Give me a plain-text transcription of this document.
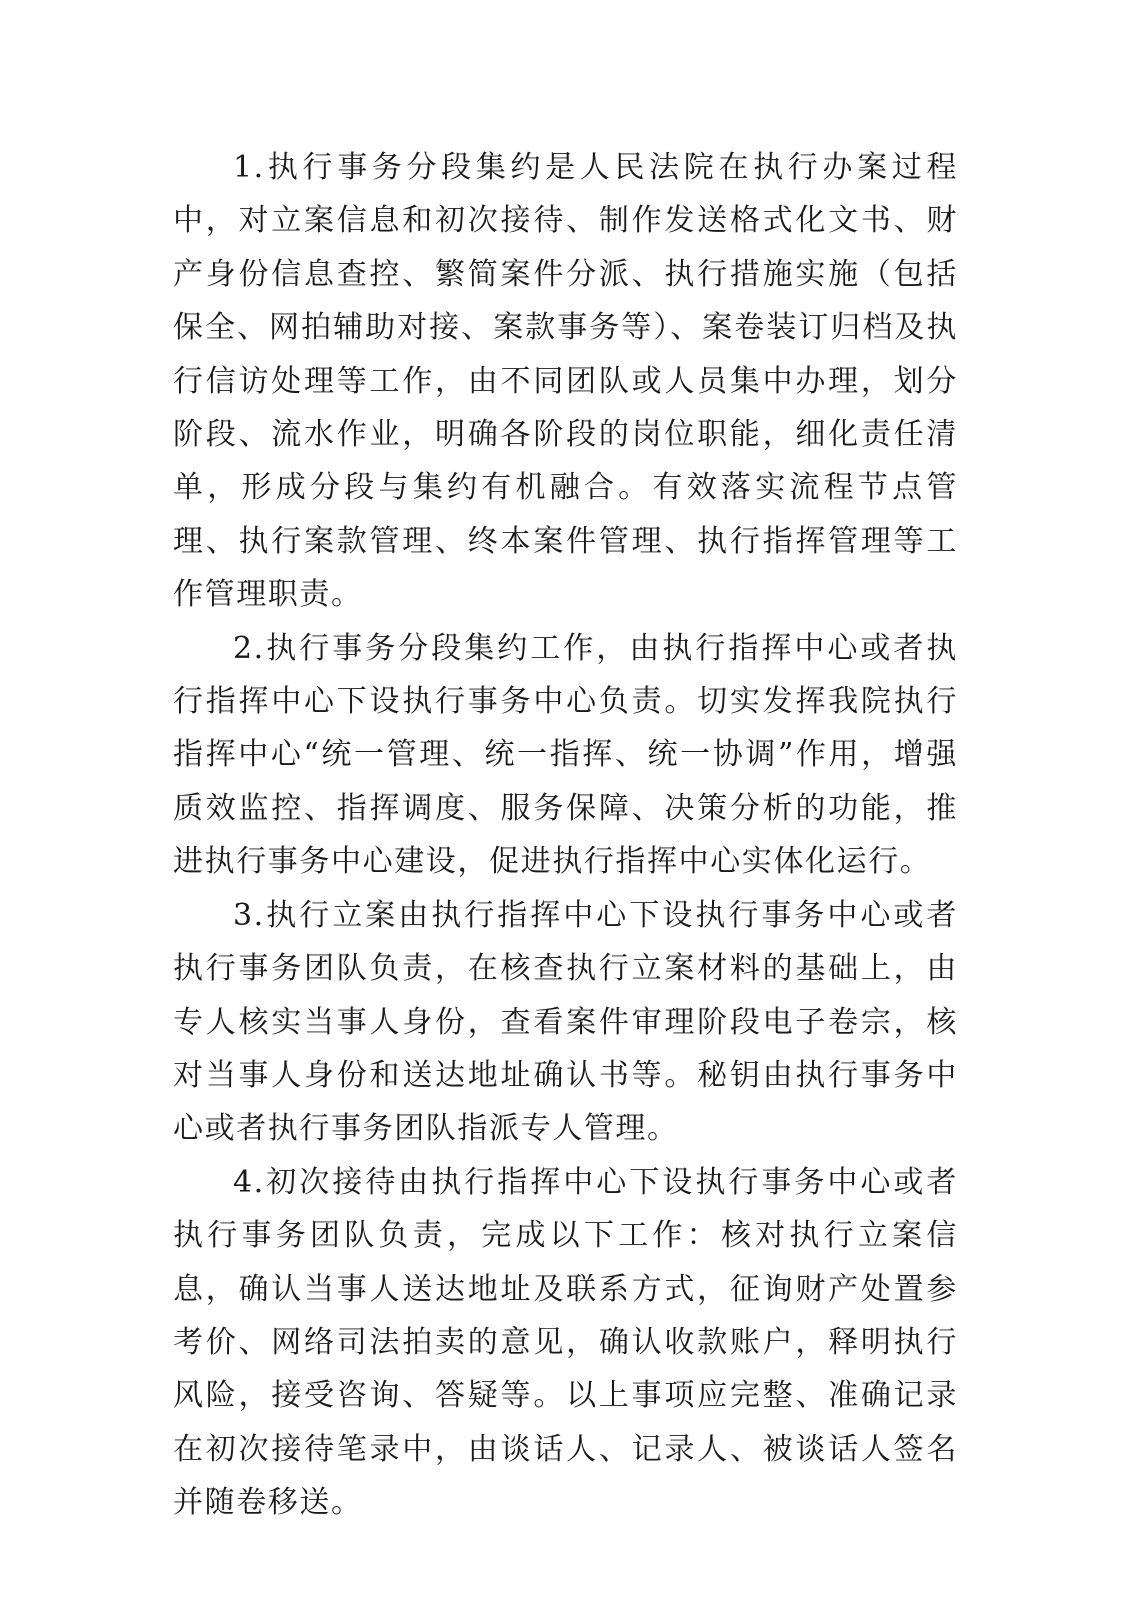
1.执行事务分段集约是人民法院在执行办案过程中，对立案信息和初次接待、制作发送格式化文书、财产身份信息查控、繁简案件分派、执行措施实施（包括保全、网拍辅助对接、案款事务等）、案卷装订归档及执行信访处理等工作，由不同团队或人员集中办理，划分阶段、流水作业，明确各阶段的岗位职能，细化责任清单，形成分段与集约有机融合。有效落实流程节点管理、执行案款管理、终本案件管理、执行指挥管理等工作管理职责。

2.执行事务分段集约工作，由执行指挥中心或者执行指挥中心下设执行事务中心负责。切实发挥我院执行指挥中心“统一管理、统一指挥、统一协调”作用，增强质效监控、指挥调度、服务保障、决策分析的功能，推进执行事务中心建设，促进执行指挥中心实体化运行。

3.执行立案由执行指挥中心下设执行事务中心或者执行事务团队负责，在核查执行立案材料的基础上，由专人核实当事人身份，查看案件审理阶段电子卷宗，核对当事人身份和送达地址确认书等。秘钥由执行事务中心或者执行事务团队指派专人管理。

4.初次接待由执行指挥中心下设执行事务中心或者执行事务团队负责，完成以下工作：核对执行立案信息，确认当事人送达地址及联系方式，征询财产处置参考价、网络司法拍卖的意见，确认收款账户，释明执行风险，接受咨询、答疑等。以上事项应完整、准确记录在初次接待笔录中，由谈话人、记录人、被谈话人签名并随卷移送。
